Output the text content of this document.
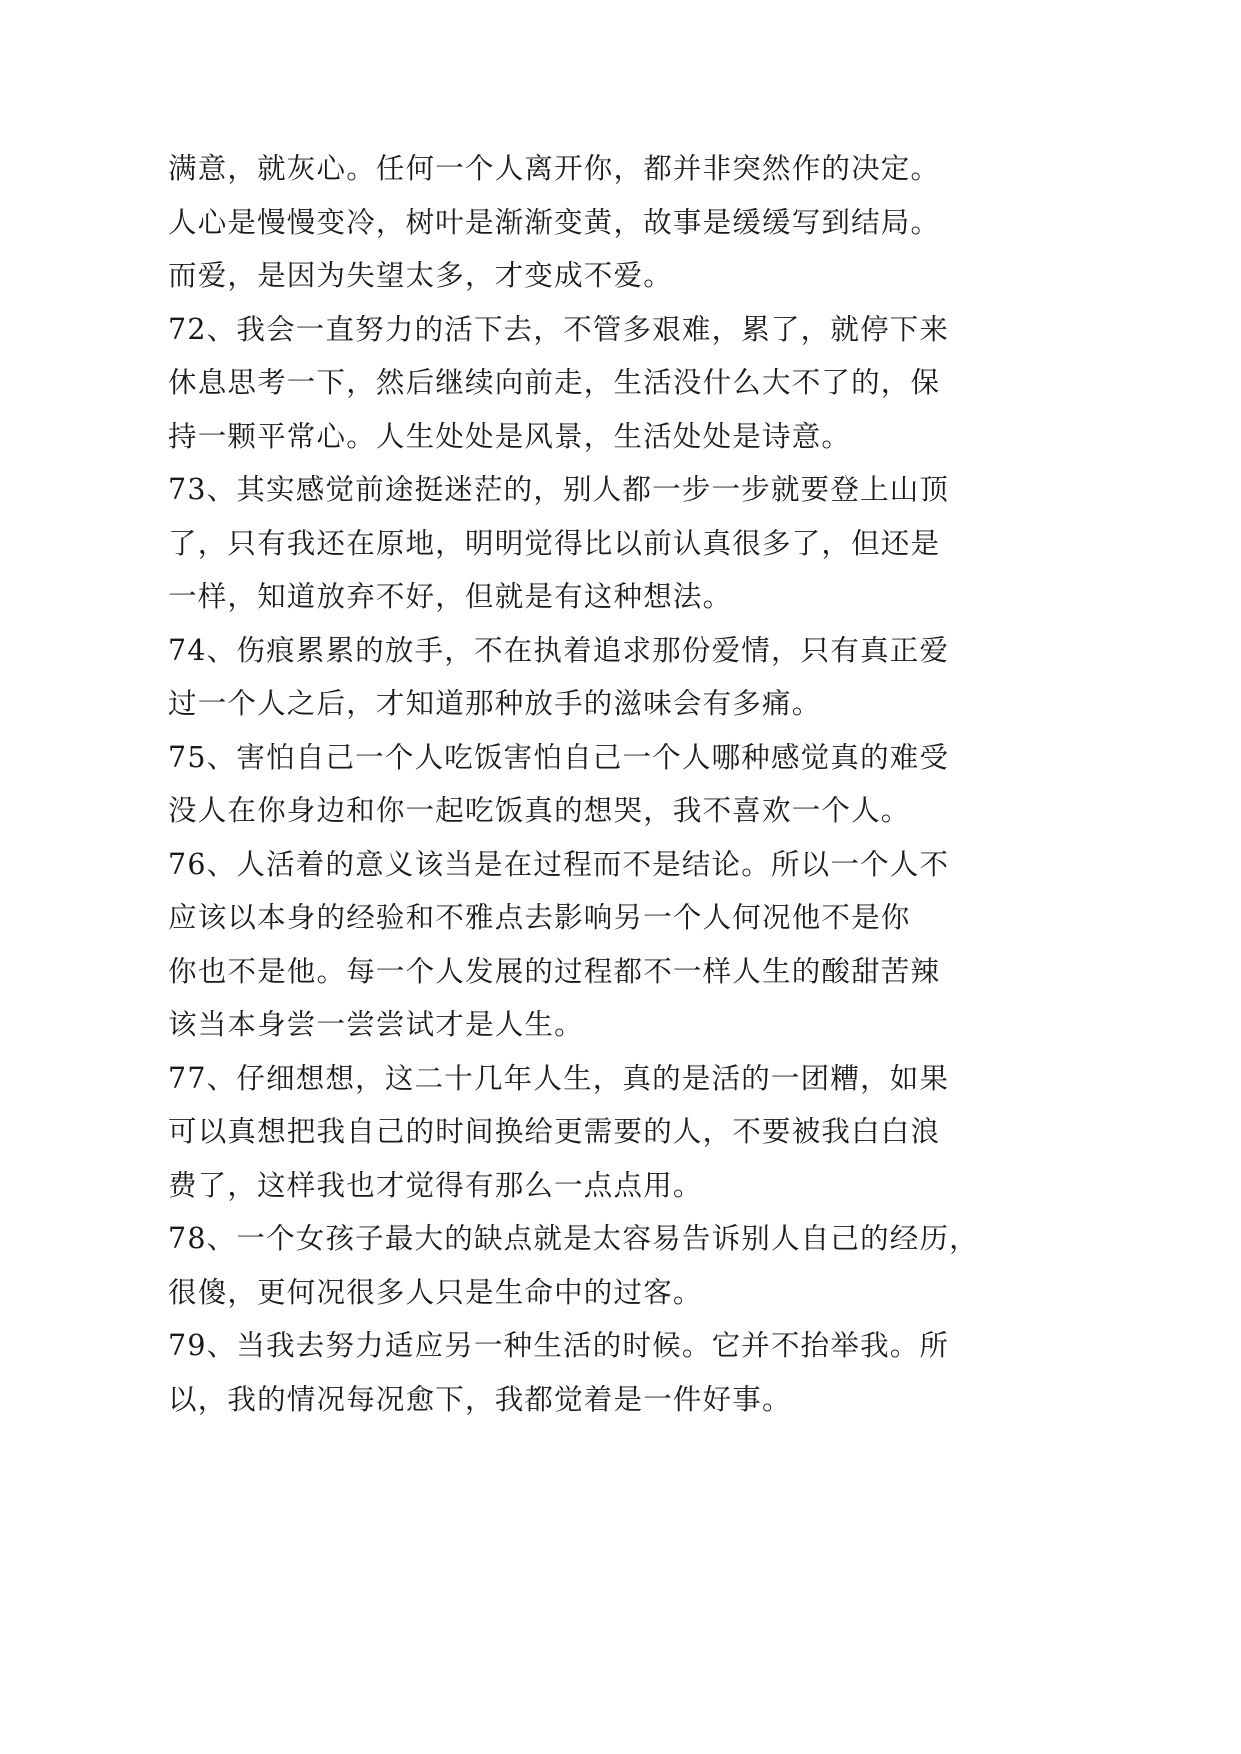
满意，就灰心。任何一个人离开你，都并非突然作的决定。
人心是慢慢变冷，树叶是渐渐变黄，故事是缓缓写到结局。
而爱，是因为失望太多，才变成不爱。
72、我会一直努力的活下去，不管多艰难，累了，就停下来
休息思考一下，然后继续向前走，生活没什么大不了的，保
持一颗平常心。人生处处是风景，生活处处是诗意。
73、其实感觉前途挺迷茫的，别人都一步一步就要登上山顶
了，只有我还在原地，明明觉得比以前认真很多了，但还是
一样，知道放弃不好，但就是有这种想法。
74、伤痕累累的放手，不在执着追求那份爱情，只有真正爱
过一个人之后，才知道那种放手的滋味会有多痛。
75、害怕自己一个人吃饭害怕自己一个人哪种感觉真的难受
没人在你身边和你一起吃饭真的想哭，我不喜欢一个人。
76、人活着的意义该当是在过程而不是结论。所以一个人不
应该以本身的经验和不雅点去影响另一个人何况他不是你
你也不是他。每一个人发展的过程都不一样人生的酸甜苦辣
该当本身尝一尝尝试才是人生。
77、仔细想想，这二十几年人生，真的是活的一团糟，如果
可以真想把我自己的时间换给更需要的人，不要被我白白浪
费了，这样我也才觉得有那么一点点用。
78、一个女孩子最大的缺点就是太容易告诉别人自己的经历，
很傻，更何况很多人只是生命中的过客。
79、当我去努力适应另一种生活的时候。它并不抬举我。所
以，我的情况每况愈下，我都觉着是一件好事。
